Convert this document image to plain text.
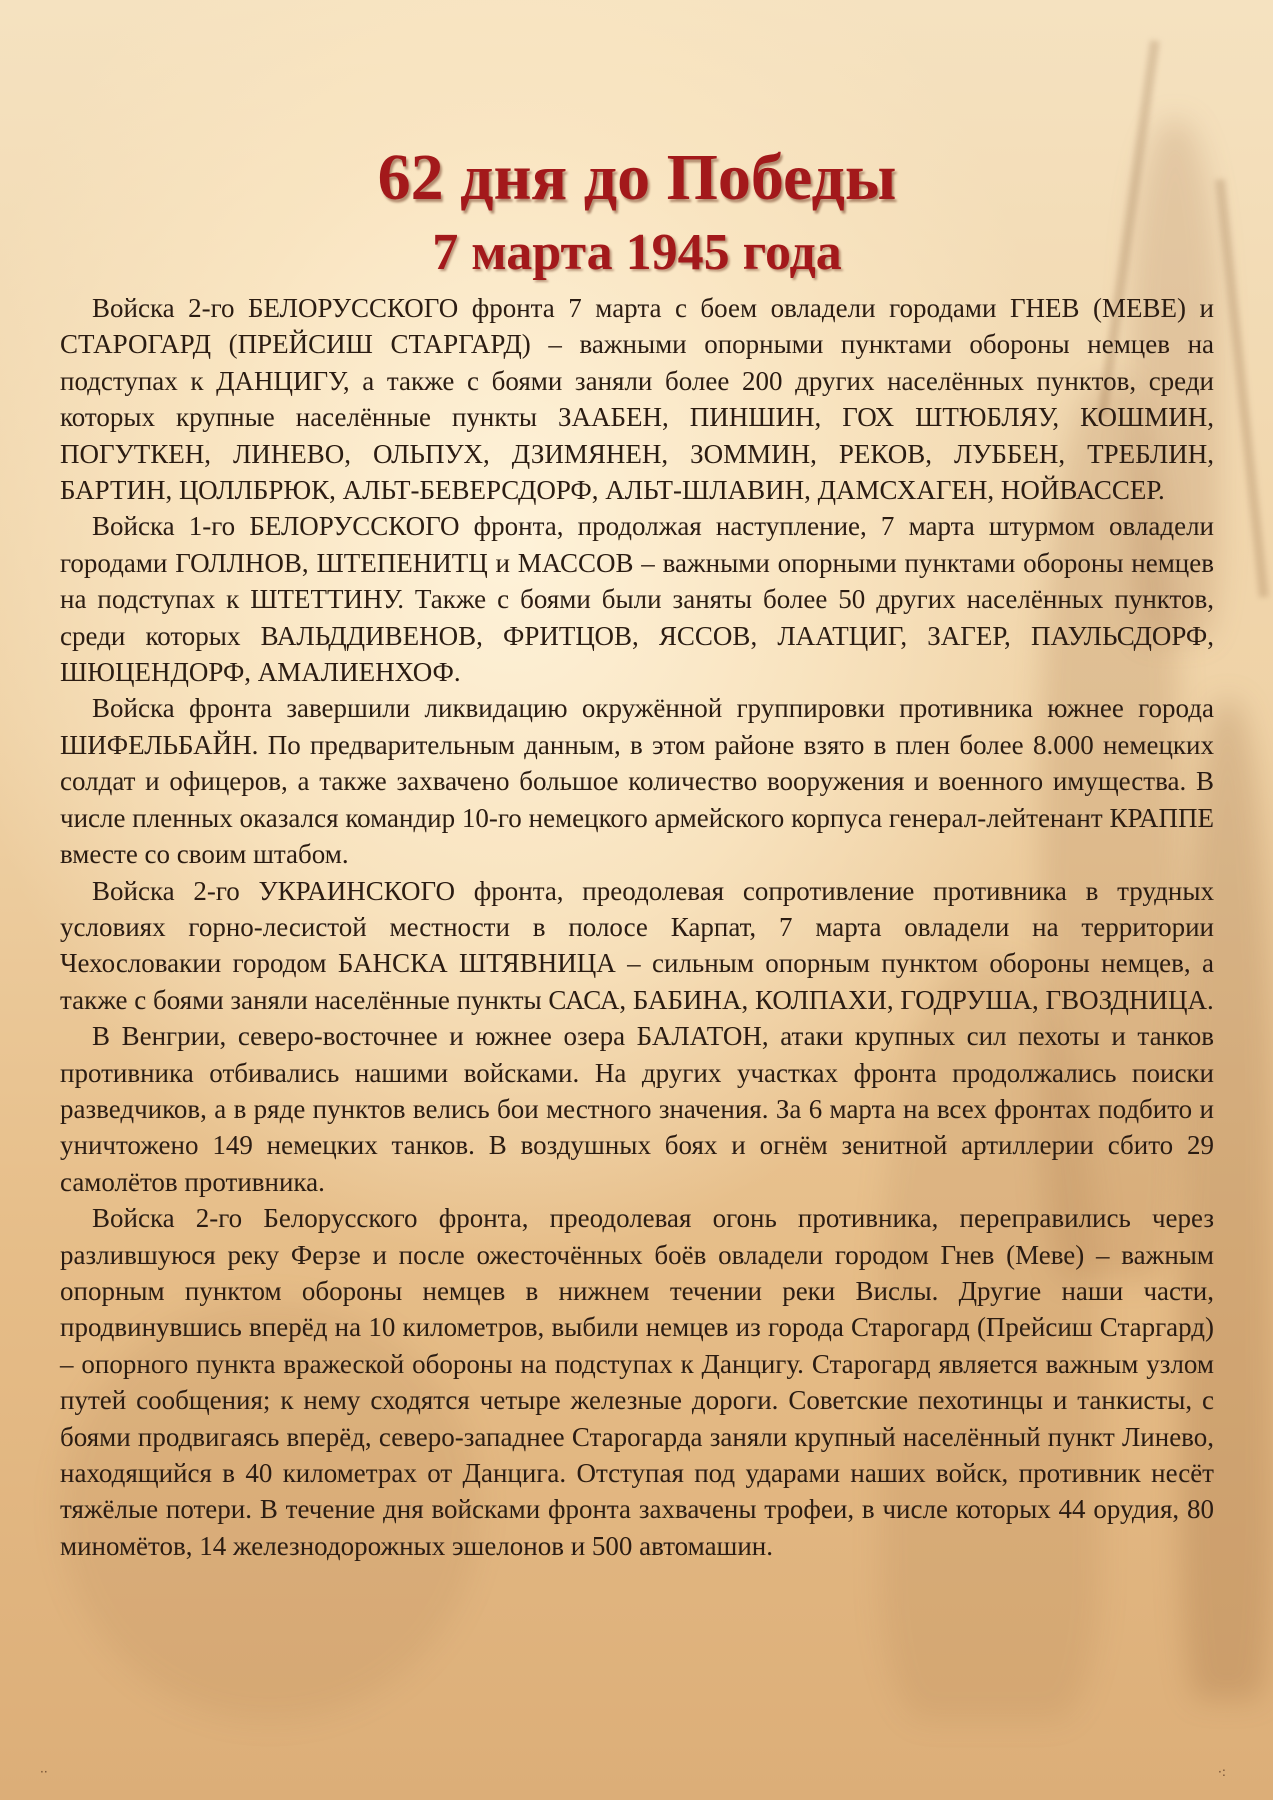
62 дня до Победы
7 марта 1945 года

Войска 2-го БЕЛОРУССКОГО фронта 7 марта с боем овладели городами ГНЕВ (МЕВЕ) и СТАРОГАРД (ПРЕЙСИШ СТАРГАРД) – важными опорными пунктами обороны немцев на подступах к ДАНЦИГУ, а также с боями заняли более 200 других населённых пунктов, среди которых крупные населённые пункты ЗААБЕН, ПИНШИН, ГОХ ШТЮБЛЯУ, КОШМИН, ПОГУТКЕН, ЛИНЕВО, ОЛЬПУХ, ДЗИМЯНЕН, ЗОММИН, РЕКОВ, ЛУББЕН, ТРЕБЛИН, БАРТИН, ЦОЛЛБРЮК, АЛЬТ-БЕВЕРСДОРФ, АЛЬТ-ШЛАВИН, ДАМСХАГЕН, НОЙВАССЕР.

Войска 1-го БЕЛОРУССКОГО фронта, продолжая наступление, 7 марта штурмом овладели городами ГОЛЛНОВ, ШТЕПЕНИТЦ и МАССОВ – важными опорными пунктами обороны немцев на подступах к ШТЕТТИНУ. Также с боями были заняты более 50 других населённых пунктов, среди которых ВАЛЬДДИВЕНОВ, ФРИТЦОВ, ЯССОВ, ЛААТЦИГ, ЗАГЕР, ПАУЛЬСДОРФ, ШЮЦЕНДОРФ, АМАЛИЕНХОФ.

Войска фронта завершили ликвидацию окружённой группировки противника южнее города ШИФЕЛЬБАЙН. По предварительным данным, в этом районе взято в плен более 8.000 немецких солдат и офицеров, а также захвачено большое количество вооружения и военного имущества. В числе пленных оказался командир 10-го немецкого армейского корпуса генерал-лейтенант КРАППЕ вместе со своим штабом.

Войска 2-го УКРАИНСКОГО фронта, преодолевая сопротивление противника в трудных условиях горно-лесистой местности в полосе Карпат, 7 марта овладели на территории Чехословакии городом БАНСКА ШТЯВНИЦА – сильным опорным пунктом обороны немцев, а также с боями заняли населённые пункты САСА, БАБИНА, КОЛПАХИ, ГОДРУША, ГВОЗДНИЦА.

В Венгрии, северо-восточнее и южнее озера БАЛАТОН, атаки крупных сил пехоты и танков противника отбивались нашими войсками. На других участках фронта продолжались поиски разведчиков, а в ряде пунктов велись бои местного значения. За 6 марта на всех фронтах подбито и уничтожено 149 немецких танков. В воздушных боях и огнём зенитной артиллерии сбито 29 самолётов противника.

Войска 2-го Белорусского фронта, преодолевая огонь противника, переправились через разлившуюся реку Ферзе и после ожесточённых боёв овладели городом Гнев (Меве) – важным опорным пунктом обороны немцев в нижнем течении реки Вислы. Другие наши части, продвинувшись вперёд на 10 километров, выбили немцев из города Старогард (Прейсиш Старгард) – опорного пункта вражеской обороны на подступах к Данцигу. Старогард является важным узлом путей сообщения; к нему сходятся четыре железные дороги. Советские пехотинцы и танкисты, с боями продвигаясь вперёд, северо-западнее Старогарда заняли крупный населённый пункт Линево, находящийся в 40 километрах от Данцига. Отступая под ударами наших войск, противник несёт тяжёлые потери. В течение дня войсками фронта захвачены трофеи, в числе которых 44 орудия, 80 миномётов, 14 железнодорожных эшелонов и 500 автомашин.

··	·:
